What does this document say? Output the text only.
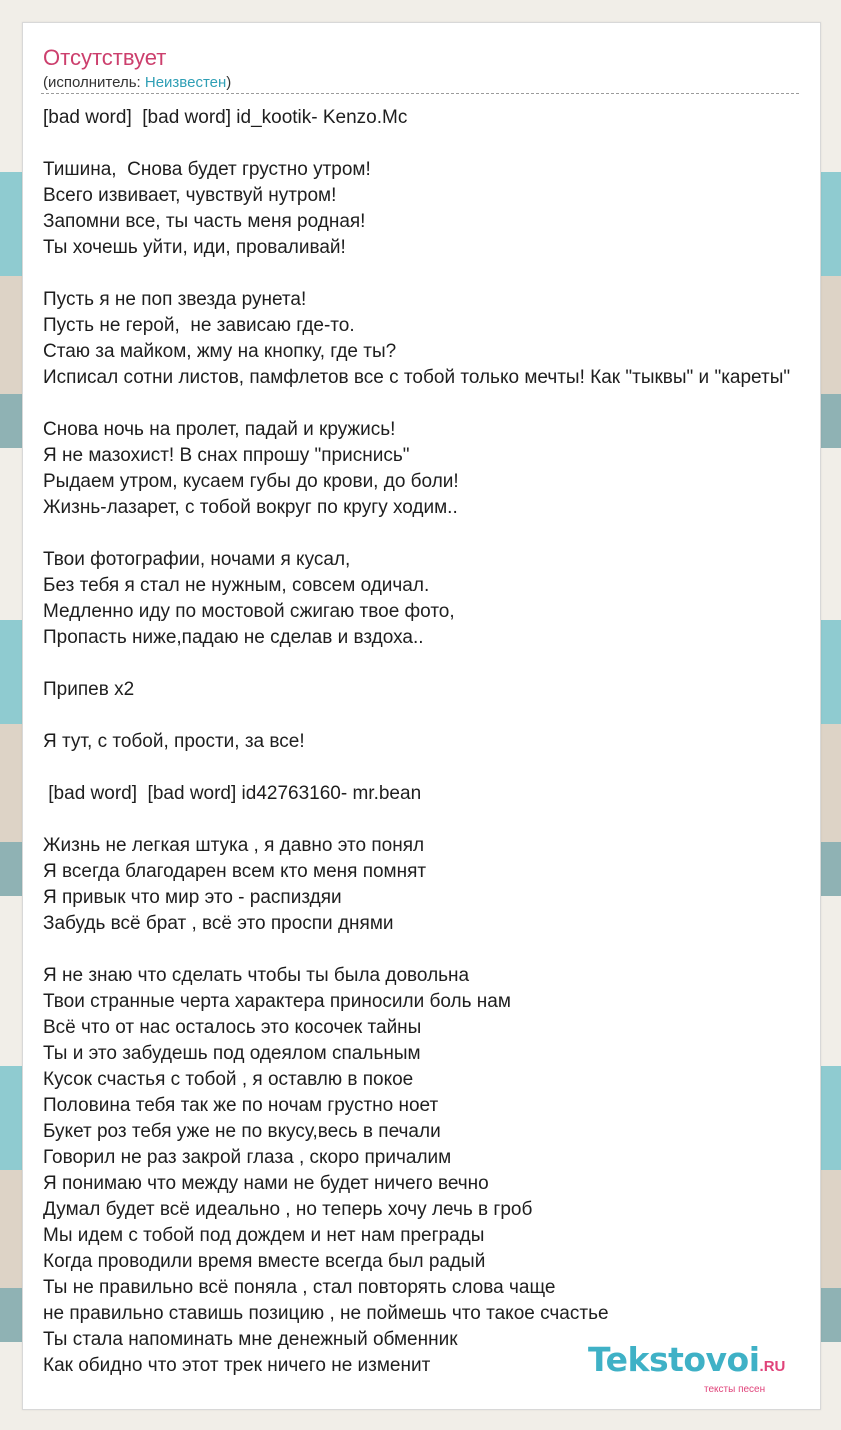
Отсутствует
(исполнитель: Неизвестен)
[bad word]  [bad word] id_kootik- Kenzo.Mc
Тишина,  Снова будет грустно утром!
Всего извивает, чувствуй нутром!
Запомни все, ты часть меня родная!
Ты хочешь уйти, иди, проваливай!
Пусть я не поп звезда рунета!
Пусть не герой,  не зависаю где-то.
Стаю за майком, жму на кнопку, где ты?
Исписал сотни листов, памфлетов все с тобой только мечты! Как "тыквы" и "кареты"
Снова ночь на пролет, падай и кружись!
Я не мазохист! В снах ппрошу "приснись"
Рыдаем утром, кусаем губы до крови, до боли!
Жизнь-лазарет, с тобой вокруг по кругу ходим..
Твои фотографии, ночами я кусал,
Без тебя я стал не нужным, совсем одичал.
Медленно иду по мостовой сжигаю твое фото,
Пропасть ниже,падаю не сделав и вздоха..
Припев x2
Я тут, с тобой, прости, за все!
[bad word]  [bad word] id42763160- mr.bean
Жизнь не легкая штука , я давно это понял
Я всегда благодарен всем кто меня помнят
Я привык что мир это - распиздяи
Забудь всё брат , всё это проспи днями
Я не знаю что сделать чтобы ты была довольна
Твои странные черта характера приносили боль нам
Всё что от нас осталось это косочек тайны
Ты и это забудешь под одеялом спальным
Кусок счастья с тобой , я оставлю в покое
Половина тебя так же по ночам грустно ноет
Букет роз тебя уже не по вкусу,весь в печали
Говорил не раз закрой глаза , скоро причалим
Я понимаю что между нами не будет ничего вечно
Думал будет всё идеально , но теперь хочу лечь в гроб
Мы идем с тобой под дождем и нет нам преграды
Когда проводили время вместе всегда был радый
Ты не правильно всё поняла , стал повторять слова чаще
не правильно ставишь позицию , не поймешь что такое счастье
Ты стала напоминать мне денежный обменник
Как обидно что этот трек ничего не изменит	Tekstovoi.RU
тексты песен
